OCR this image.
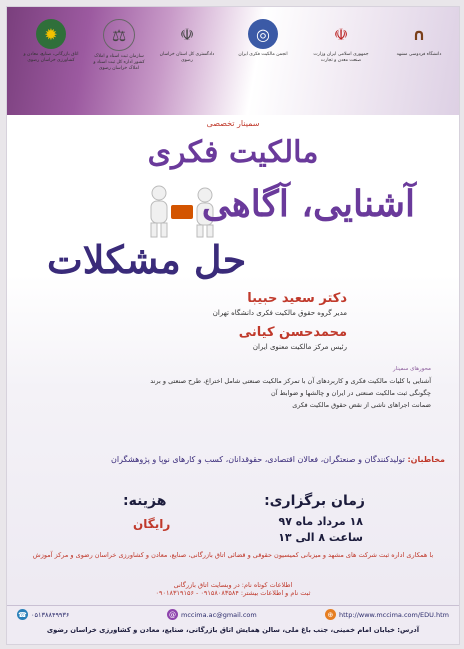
✹
اتاق بازرگانی، صنایع، معادن و کشاورزی خراسان رضوی
⚖
سازمان ثبت اسناد و املاک کشور اداره کل ثبت اسناد و املاک خراسان رضوی
☫
دادگستری کل استان خراسان رضوی
◎
انجمن مالکیت فکری ایران
☫
جمهوری اسلامی ایران وزارت صنعت معدن و تجارت
∩
دانشگاه فردوسی مشهد
سمینار تخصصی
مالکیت فکری
آشنایی، آگاهی
حل مشکلات
دکتر سعید حبیبا
مدیر گروه حقوق مالکیت فکری دانشگاه تهران
محمدحسن کیانی
رئیس مرکز مالکیت معنوی ایران
محورهای سمینار
آشنایی با کلیات مالکیت فکری و کاربردهای آن با تمرکز مالکیت صنعتی شامل اختراع، طرح صنعتی و برند
چگونگی ثبت مالکیت صنعتی در ایران و چالشها و ضوابط آن
ضمانت اجراهای ناشی از نقض حقوق مالکیت فکری
مخاطبان: تولیدکنندگان و صنعتگران، فعالان اقتصادی، حقوقدانان، کسب و کارهای نوپا و پژوهشگران
زمان برگزاری:
۱۸ مرداد ماه ۹۷
ساعت ۸ الی ۱۳
هزینه:
رایگان
با همکاری اداره ثبت شرکت های مشهد و میزبانی کمیسیون حقوقی و قضائی اتاق بازرگانی، صنایع، معادن و کشاورزی خراسان رضوی و مرکز آموزش
اطلاعات کوتاه نام: در وبسایت اتاق بازرگانی
ثبت نام و اطلاعات بیشتر: ۰۹۱۵۸۰۸۳۵۸۴ - ۰۹۰۱۸۳۱۹۱۵۶
⊕ http://www.mccima.com/EDU.htm
@ mccima.ac@gmail.com
☎ ۰۵۱۳۸۸۴۹۹۳۶
آدرس: خیابان امام خمینی، جنب باغ ملی، سالن همایش اتاق بازرگانی، صنایع، معادن و کشاورزی خراسان رضوی
